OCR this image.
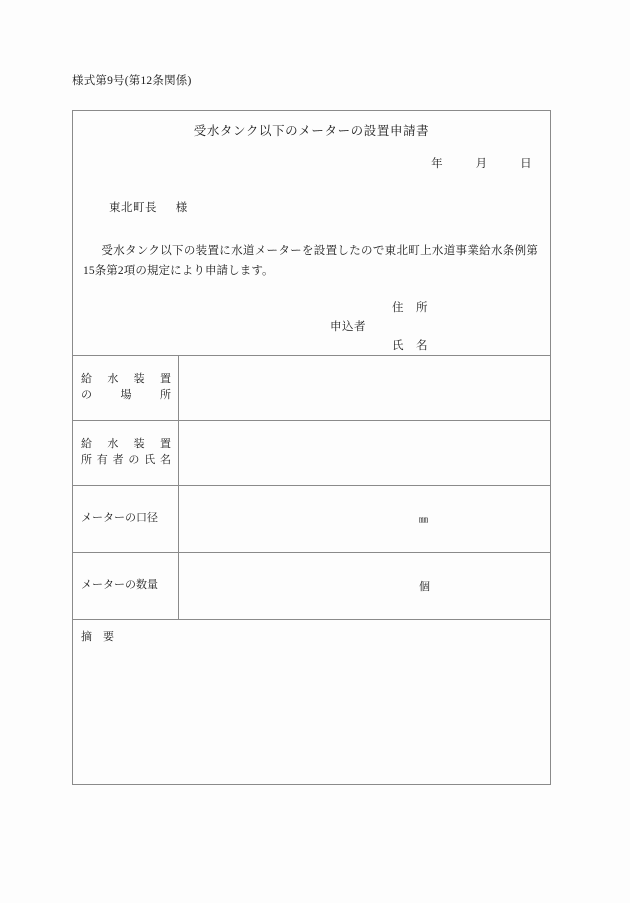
様式第9号(第12条関係)
受水タンク以下のメーターの設置申請書
年	月	日
東北町長 様
受水タンク以下の装置に水道メーターを設置したので東北町上水道事業給水条例第15条第2項の規定により申請します。
申込者
住　所
氏　名
給水装置
の場所
給水装置
所有者の氏名
メーターの口径	㎜
メーターの数量	個
摘　要
